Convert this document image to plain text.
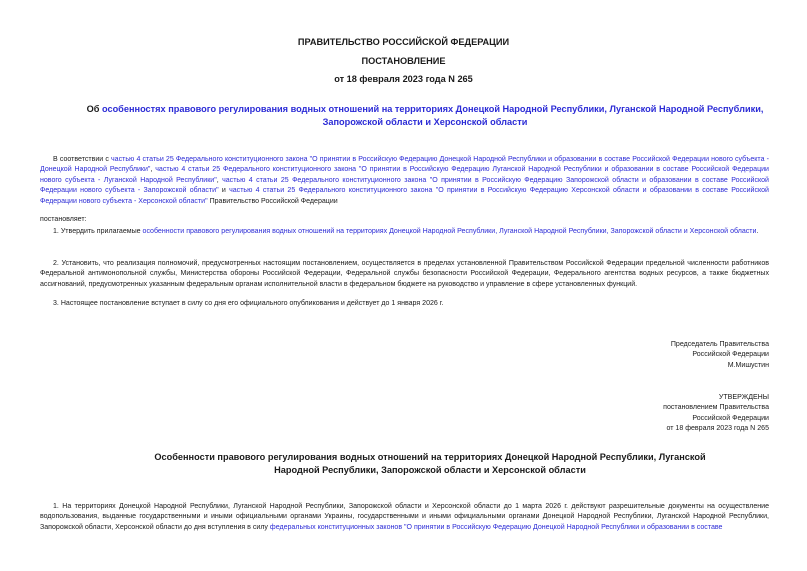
ПРАВИТЕЛЬСТВО РОССИЙСКОЙ ФЕДЕРАЦИИ
ПОСТАНОВЛЕНИЕ
от 18 февраля 2023 года N 265
Об особенностях правового регулирования водных отношений на территориях Донецкой Народной Республики, Луганской Народной Республики, Запорожской области и Херсонской области
В соответствии с частью 4 статьи 25 Федерального конституционного закона "О принятии в Российскую Федерацию Донецкой Народной Республики и образовании в составе Российской Федерации нового субъекта - Донецкой Народной Республики", частью 4 статьи 25 Федерального конституционного закона "О принятии в Российскую Федерацию Луганской Народной Республики и образовании в составе Российской Федерации нового субъекта - Луганской Народной Республики", частью 4 статьи 25 Федерального конституционного закона "О принятии в Российскую Федерацию Запорожской области и образовании в составе Российской Федерации нового субъекта - Запорожской области" и частью 4 статьи 25 Федерального конституционного закона "О принятии в Российскую Федерацию Херсонской области и образовании в составе Российской Федерации нового субъекта - Херсонской области" Правительство Российской Федерации
постановляет:
1. Утвердить прилагаемые особенности правового регулирования водных отношений на территориях Донецкой Народной Республики, Луганской Народной Республики, Запорожской области и Херсонской области.
2. Установить, что реализация полномочий, предусмотренных настоящим постановлением, осуществляется в пределах установленной Правительством Российской Федерации предельной численности работников Федеральной антимонопольной службы, Министерства обороны Российской Федерации, Федеральной службы безопасности Российской Федерации, Федерального агентства водных ресурсов, а также бюджетных ассигнований, предусмотренных указанным федеральным органам исполнительной власти в федеральном бюджете на руководство и управление в сфере установленных функций.
3. Настоящее постановление вступает в силу со дня его официального опубликования и действует до 1 января 2026 г.
Председатель Правительства
Российской Федерации
М.Мишустин
УТВЕРЖДЕНЫ
постановлением Правительства
Российской Федерации
от 18 февраля 2023 года N 265
Особенности правового регулирования водных отношений на территориях Донецкой Народной Республики, Луганской Народной Республики, Запорожской области и Херсонской области
1. На территориях Донецкой Народной Республики, Луганской Народной Республики, Запорожской области и Херсонской области до 1 марта 2026 г. действуют разрешительные документы на осуществление водопользования, выданные государственными и иными официальными органами Украины, государственными и иными официальными органами Донецкой Народной Республики, Луганской Народной Республики, Запорожской области, Херсонской области до дня вступления в силу федеральных конституционных законов "О принятии в Российскую Федерацию Донецкой Народной Республики и образовании в составе
